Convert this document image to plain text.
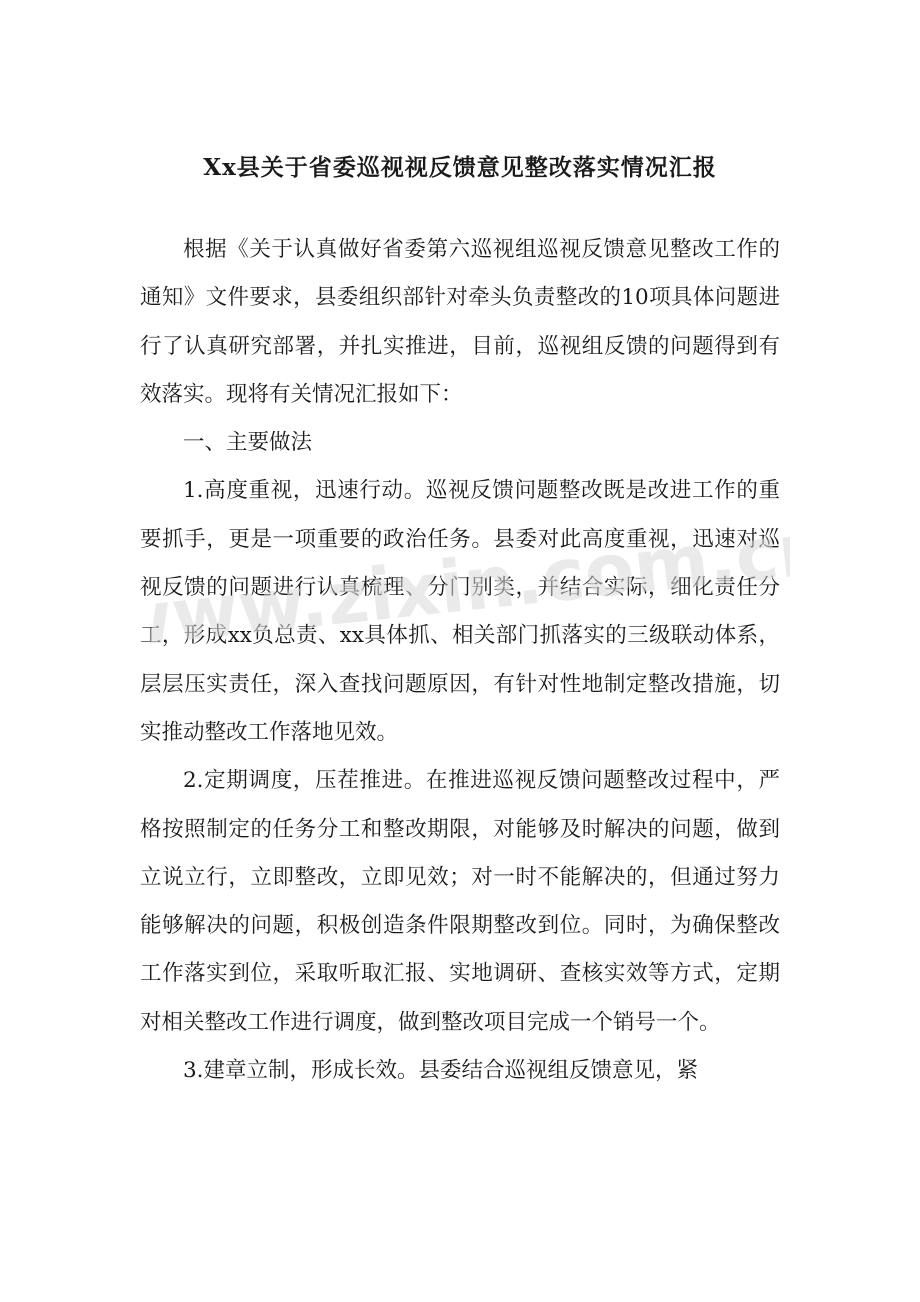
Xx县关于省委巡视视反馈意见整改落实情况汇报

根据《关于认真做好省委第六巡视组巡视反馈意见整改工作的通知》文件要求，县委组织部针对牵头负责整改的10项具体问题进行了认真研究部署，并扎实推进，目前，巡视组反馈的问题得到有效落实。现将有关情况汇报如下：

一、主要做法

1.高度重视，迅速行动。巡视反馈问题整改既是改进工作的重要抓手，更是一项重要的政治任务。县委对此高度重视，迅速对巡视反馈的问题进行认真梳理、分门别类，并结合实际，细化责任分工，形成xx负总责、xx具体抓、相关部门抓落实的三级联动体系，层层压实责任，深入查找问题原因，有针对性地制定整改措施，切实推动整改工作落地见效。

2.定期调度，压茬推进。在推进巡视反馈问题整改过程中，严格按照制定的任务分工和整改期限，对能够及时解决的问题，做到立说立行，立即整改，立即见效；对一时不能解决的，但通过努力能够解决的问题，积极创造条件限期整改到位。同时，为确保整改工作落实到位，采取听取汇报、实地调研、查核实效等方式，定期对相关整改工作进行调度，做到整改项目完成一个销号一个。

3.建章立制，形成长效。县委结合巡视组反馈意见，紧

www.zixin.com.cn
